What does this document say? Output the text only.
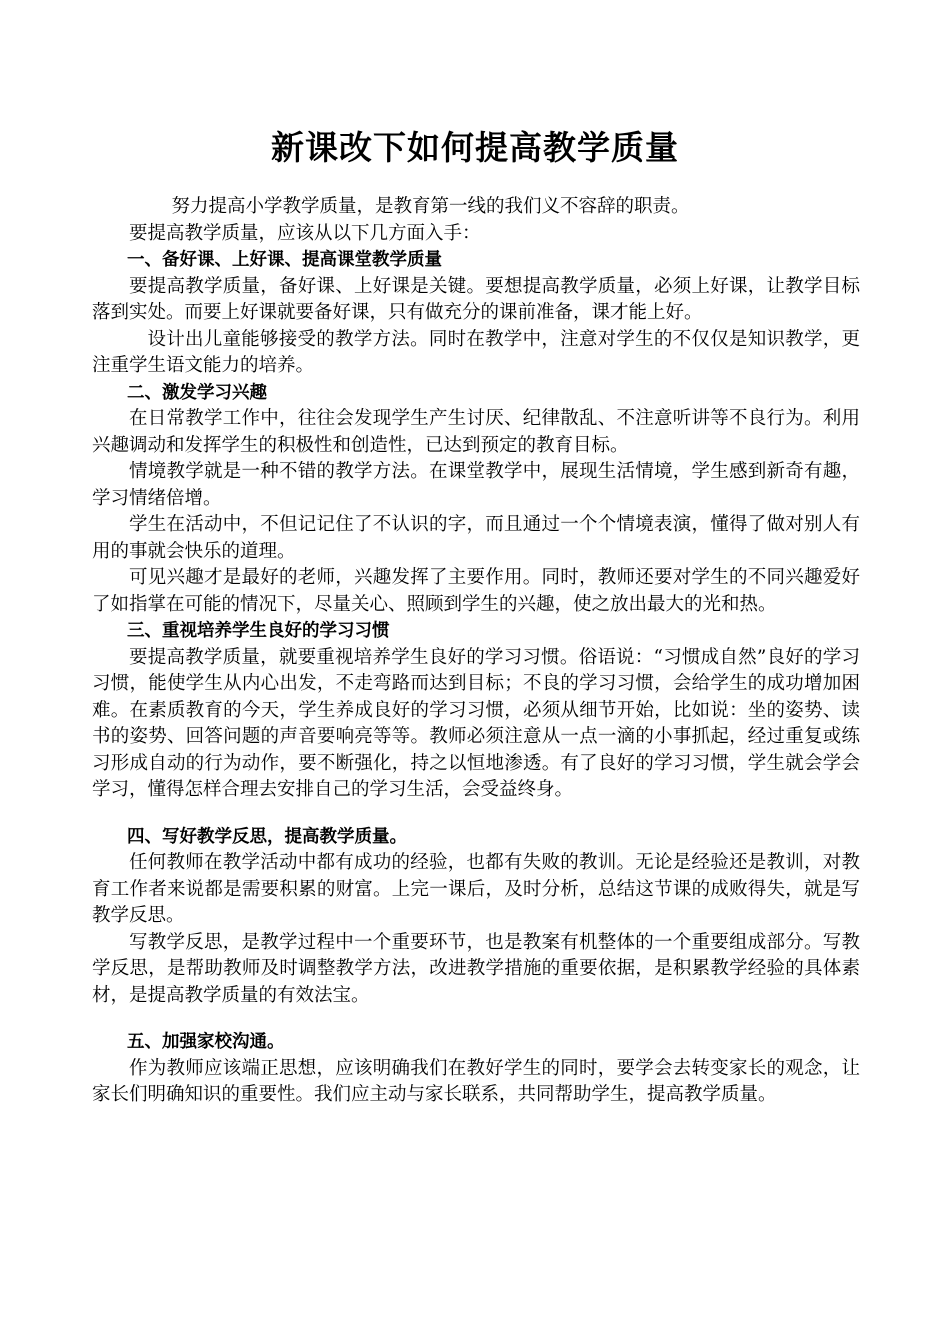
新课改下如何提高教学质量

努力提高小学教学质量，是教育第一线的我们义不容辞的职责。

要提高教学质量，应该从以下几方面入手：

一、备好课、上好课、提高课堂教学质量

要提高教学质量，备好课、上好课是关键。要想提高教学质量，必须上好课，让教学目标落到实处。而要上好课就要备好课，只有做充分的课前准备，课才能上好。

设计出儿童能够接受的教学方法。同时在教学中，注意对学生的不仅仅是知识教学，更注重学生语文能力的培养。

二、激发学习兴趣

在日常教学工作中，往往会发现学生产生讨厌、纪律散乱、不注意听讲等不良行为。利用兴趣调动和发挥学生的积极性和创造性，已达到预定的教育目标。

情境教学就是一种不错的教学方法。在课堂教学中，展现生活情境，学生感到新奇有趣，学习情绪倍增。

学生在活动中，不但记记住了不认识的字，而且通过一个个情境表演，懂得了做对别人有用的事就会快乐的道理。

可见兴趣才是最好的老师，兴趣发挥了主要作用。同时，教师还要对学生的不同兴趣爱好了如指掌在可能的情况下，尽量关心、照顾到学生的兴趣，使之放出最大的光和热。

三、重视培养学生良好的学习习惯

要提高教学质量，就要重视培养学生良好的学习习惯。俗语说：“习惯成自然”良好的学习习惯，能使学生从内心出发，不走弯路而达到目标；不良的学习习惯，会给学生的成功增加困难。在素质教育的今天，学生养成良好的学习习惯，必须从细节开始，比如说：坐的姿势、读书的姿势、回答问题的声音要响亮等等。教师必须注意从一点一滴的小事抓起，经过重复或练习形成自动的行为动作，要不断强化，持之以恒地渗透。有了良好的学习习惯，学生就会学会学习，懂得怎样合理去安排自己的学习生活，会受益终身。

四、写好教学反思，提高教学质量。

任何教师在教学活动中都有成功的经验，也都有失败的教训。无论是经验还是教训，对教育工作者来说都是需要积累的财富。上完一课后，及时分析，总结这节课的成败得失，就是写教学反思。

写教学反思，是教学过程中一个重要环节，也是教案有机整体的一个重要组成部分。写教学反思，是帮助教师及时调整教学方法，改进教学措施的重要依据，是积累教学经验的具体素材，是提高教学质量的有效法宝。

五、加强家校沟通。

作为教师应该端正思想，应该明确我们在教好学生的同时，要学会去转变家长的观念，让家长们明确知识的重要性。我们应主动与家长联系，共同帮助学生，提高教学质量。
